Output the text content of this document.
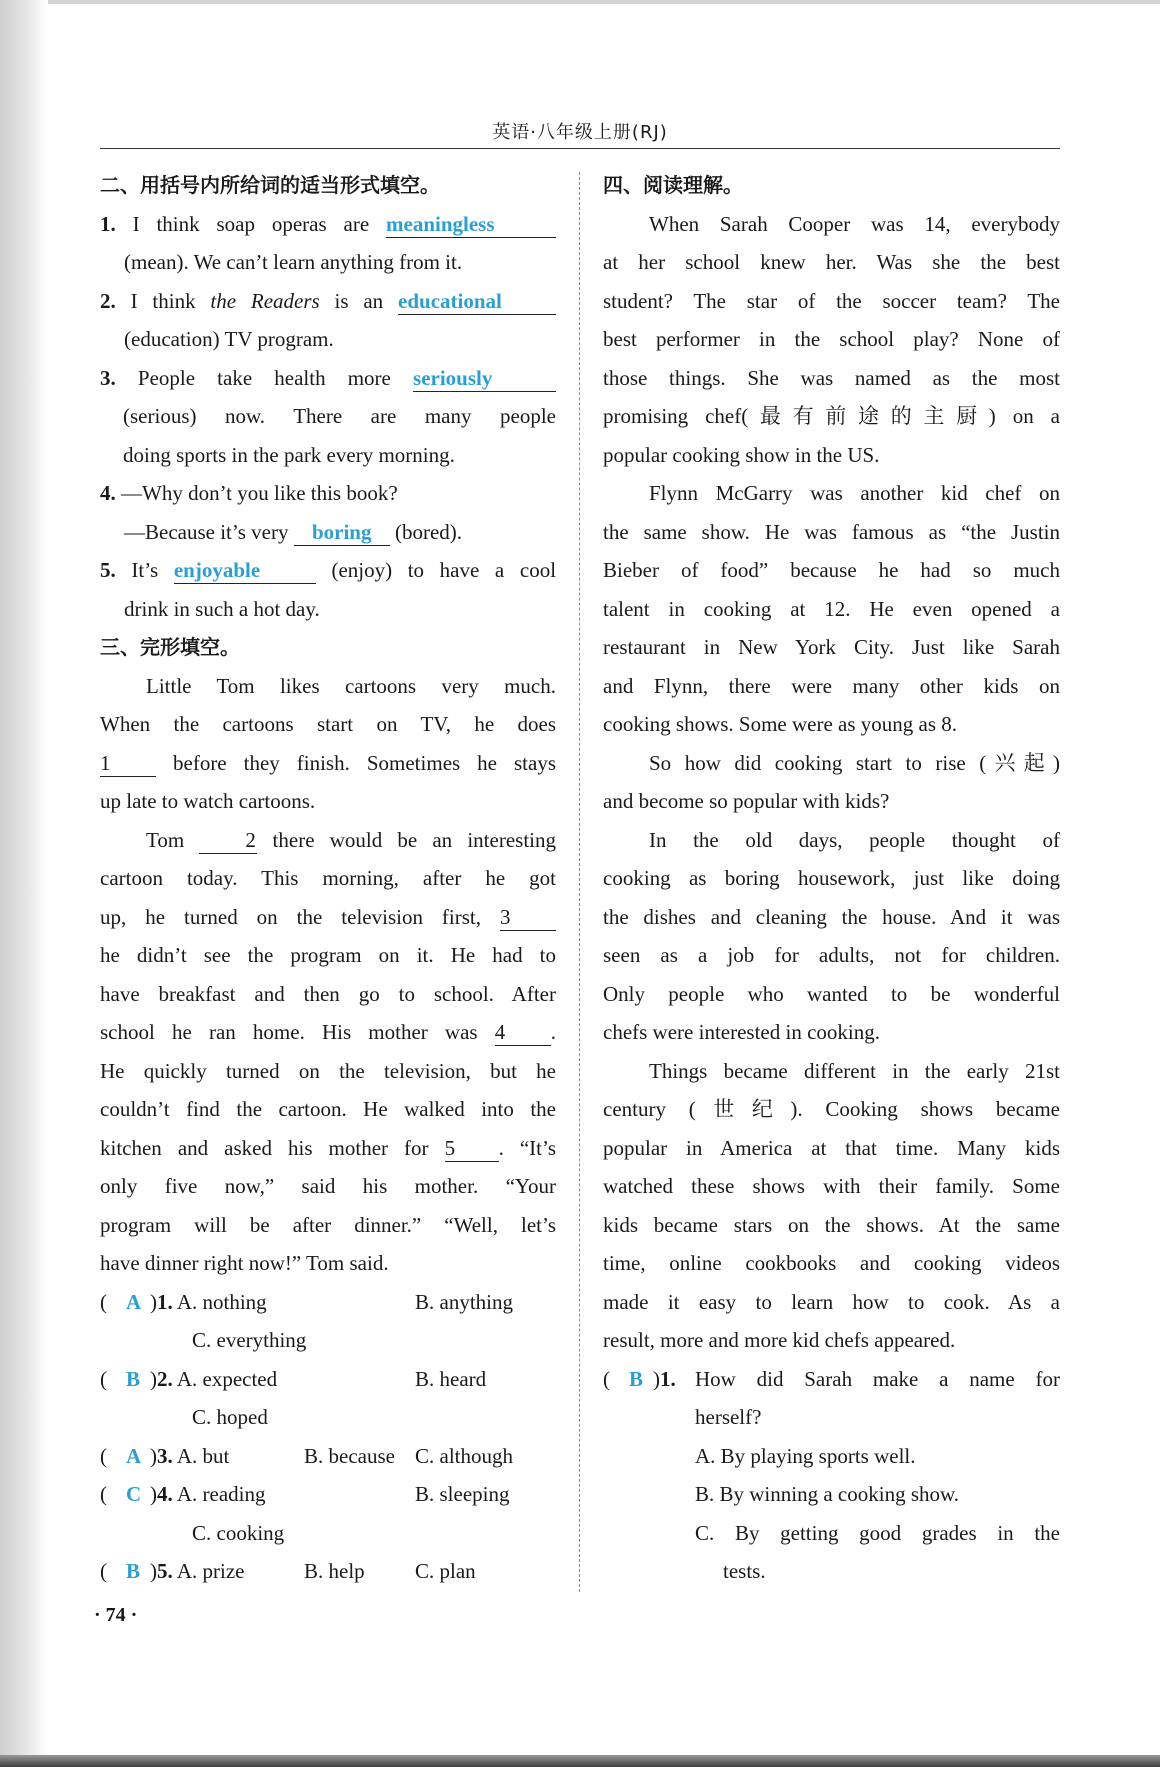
英语·八年级上册(RJ)
二、用括号内所给词的适当形式填空。
1. I think soap operas are meaningless
(mean). We can’t learn anything from it.
2. I think the Readers is an educational
(education) TV program.
3. People take health more seriously
(serious) now. There are many people
doing sports in the park every morning.
4. —Why don’t you like this book?
—Because it’s very boring (bored).
5. It’s enjoyable	(enjoy) to have a cool
drink in such a hot day.
三、完形填空。
Little Tom likes cartoons very much.
When the cartoons start on TV, he does
1	before they finish. Sometimes he stays
up late to watch cartoons.
Tom	2 there would be an interesting
cartoon today. This morning, after he got
up, he turned on the television first, 3
he didn’t see the program on it. He had to
have breakfast and then go to school. After
school he ran home. His mother was 4 .
He quickly turned on the television, but he
couldn’t find the cartoon. He walked into the
kitchen and asked his mother for 5 . “It’s
only five now,” said his mother. “Your
program will be after dinner.” “Well, let’s
have dinner right now!” Tom said.
( A )1. A. nothing	B. anything
C. everything
( B )2. A. expected	B. heard
C. hoped
( A )3. A. but	B. because C. although
( C )4. A. reading	B. sleeping
C. cooking
( B )5. A. prize	B. help C. plan
四、阅读理解。
When Sarah Cooper was 14, everybody
at her school knew her. Was she the best
student? The star of the soccer team? The
best performer in the school play? None of
those things. She was named as the most
promising chef(最有前途的主厨) on a
popular cooking show in the US.
Flynn McGarry was another kid chef on
the same show. He was famous as “the Justin
Bieber of food” because he had so much
talent in cooking at 12. He even opened a
restaurant in New York City. Just like Sarah
and Flynn, there were many other kids on
cooking shows. Some were as young as 8.
So how did cooking start to rise (兴起)
and become so popular with kids?
In the old days, people thought of
cooking as boring housework, just like doing
the dishes and cleaning the house. And it was
seen as a job for adults, not for children.
Only people who wanted to be wonderful
chefs were interested in cooking.
Things became different in the early 21st
century (世纪). Cooking shows became
popular in America at that time. Many kids
watched these shows with their family. Some
kids became stars on the shows. At the same
time, online cookbooks and cooking videos
made it easy to learn how to cook. As a
result, more and more kid chefs appeared.
( B )1. How did Sarah make a name for
herself?
A. By playing sports well.
B. By winning a cooking show.
C. By getting good grades in the
tests.
· 74 ·
